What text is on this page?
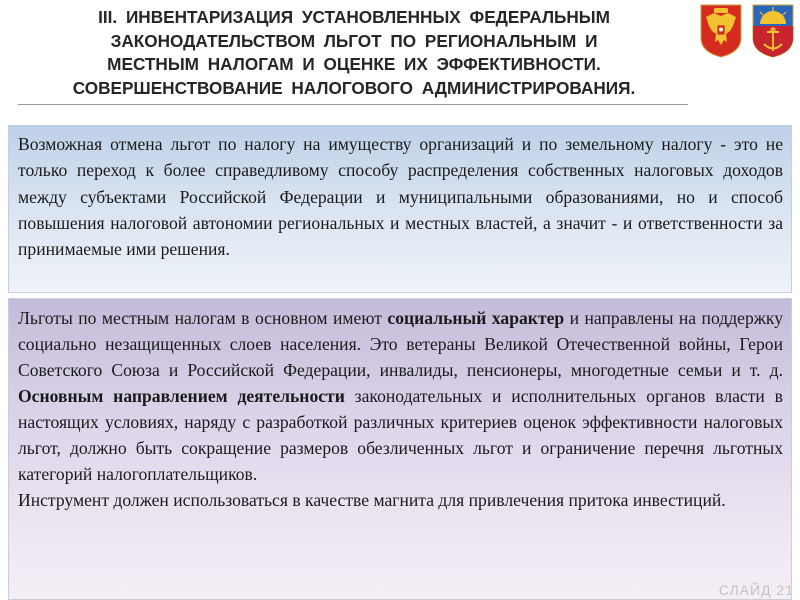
III. ИНВЕНТАРИЗАЦИЯ УСТАНОВЛЕННЫХ ФЕДЕРАЛЬНЫМ
ЗАКОНОДАТЕЛЬСТВОМ ЛЬГОТ ПО РЕГИОНАЛЬНЫМ И
МЕСТНЫМ НАЛОГАМ И ОЦЕНКЕ ИХ ЭФФЕКТИВНОСТИ.
СОВЕРШЕНСТВОВАНИЕ НАЛОГОВОГО АДМИНИСТРИРОВАНИЯ.

Возможная отмена льгот по налогу на имуществу организаций и по земельному налогу - это не только переход к более справедливому способу распределения собственных налоговых доходов между субъектами Российской Федерации и муниципальными образованиями, но и способ повышения налоговой автономии региональных и местных властей, а значит - и ответственности за принимаемые ими решения.

Льготы по местным налогам в основном имеют социальный характер и направлены на поддержку социально незащищенных слоев населения. Это ветераны Великой Отечественной войны, Герои Советского Союза и Российской Федерации, инвалиды, пенсионеры, многодетные семьи и т. д. Основным направлением деятельности законодательных и исполнительных органов власти в настоящих условиях, наряду с разработкой различных критериев оценок эффективности налоговых льгот, должно быть сокращение размеров обезличенных льгот и ограничение перечня льготных категорий налогоплательщиков.

Инструмент должен использоваться в качестве магнита для привлечения притока инвестиций.

СЛАЙД 21
